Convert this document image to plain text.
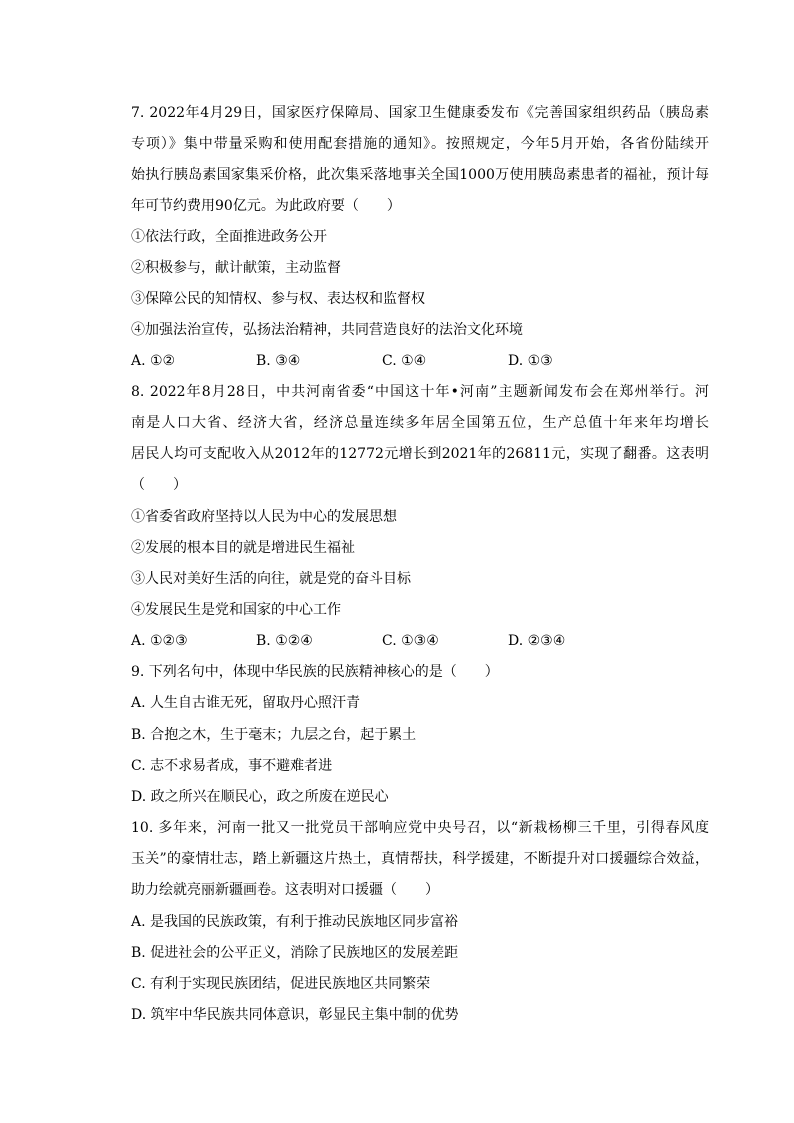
7. 2022年4月29日，国家医疗保障局、国家卫生健康委发布《完善国家组织药品（胰岛素

专项）》集中带量采购和使用配套措施的通知》。按照规定，今年5月开始，各省份陆续开

始执行胰岛素国家集采价格，此次集采落地事关全国1000万使用胰岛素患者的福祉，预计每

年可节约费用90亿元。为此政府要（　　）

①依法行政，全面推进政务公开

②积极参与，献计献策，主动监督

③保障公民的知情权、参与权、表达权和监督权

④加强法治宣传，弘扬法治精神，共同营造良好的法治文化环境

A. ①②	B. ③④	C. ①④	D. ①③

8. 2022年8月28日，中共河南省委“中国这十年•河南”主题新闻发布会在郑州举行。河

南是人口大省、经济大省，经济总量连续多年居全国第五位，生产总值十年来年均增长

居民人均可支配收入从2012年的12772元增长到2021年的26811元，实现了翻番。这表明

（　　）

①省委省政府坚持以人民为中心的发展思想

②发展的根本目的就是增进民生福祉

③人民对美好生活的向往，就是党的奋斗目标

④发展民生是党和国家的中心工作

A. ①②③	B. ①②④	C. ①③④	D. ②③④

9. 下列名句中，体现中华民族的民族精神核心的是（　　）

A. 人生自古谁无死，留取丹心照汗青

B. 合抱之木，生于毫末；九层之台，起于累土

C. 志不求易者成，事不避难者进

D. 政之所兴在顺民心，政之所废在逆民心

10. 多年来，河南一批又一批党员干部响应党中央号召，以“新栽杨柳三千里，引得春风度

玉关”的豪情壮志，踏上新疆这片热土，真情帮扶，科学援建，不断提升对口援疆综合效益，

助力绘就亮丽新疆画卷。这表明对口援疆（　　）

A. 是我国的民族政策，有利于推动民族地区同步富裕

B. 促进社会的公平正义，消除了民族地区的发展差距

C. 有利于实现民族团结，促进民族地区共同繁荣

D. 筑牢中华民族共同体意识，彰显民主集中制的优势
